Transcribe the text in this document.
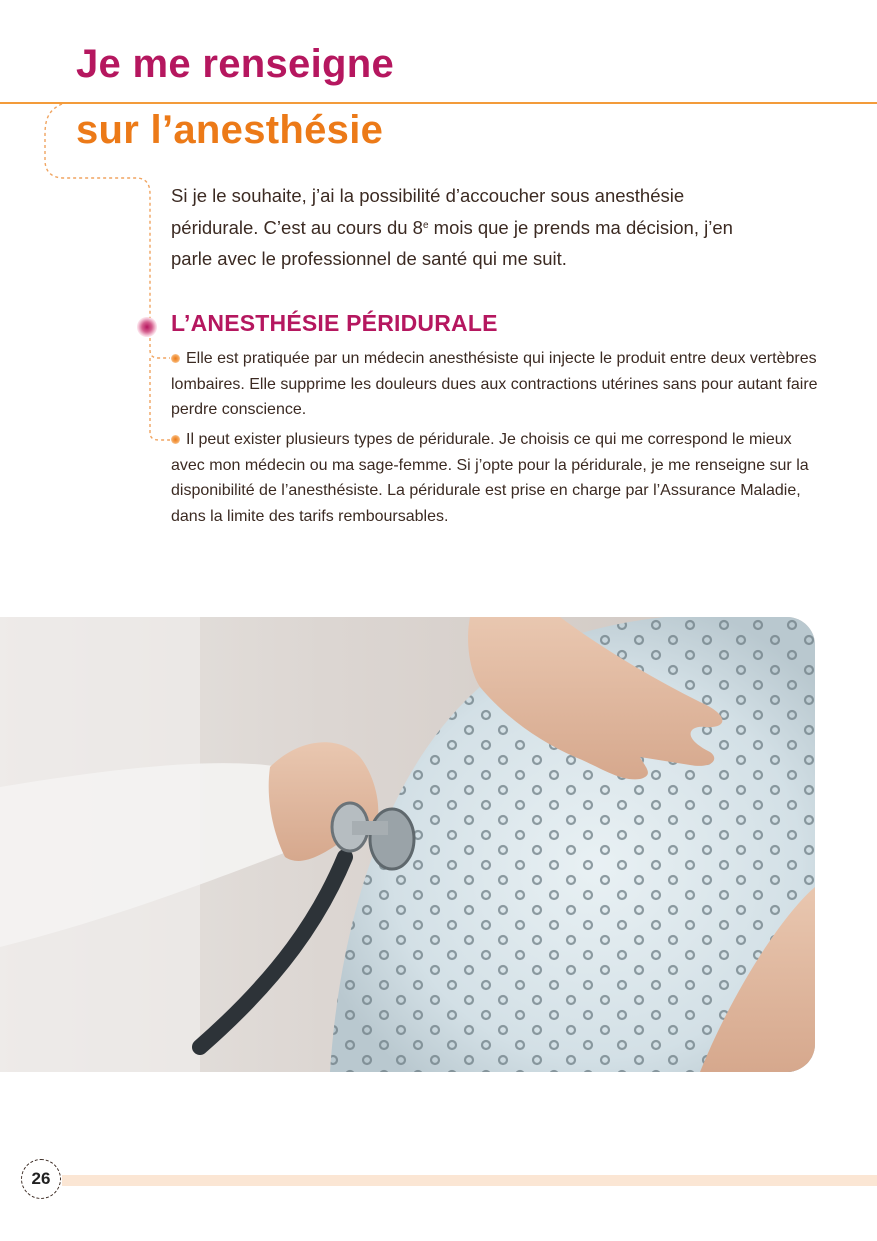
Je me renseigne
sur l’anesthésie
Si je le souhaite, j’ai la possibilité d’accoucher sous anesthésie péridurale. C’est au cours du 8e mois que je prends ma décision, j’en parle avec le professionnel de santé qui me suit.
L’ANESTHÉSIE PÉRIDURALE
Elle est pratiquée par un médecin anesthésiste qui injecte le produit entre deux vertèbres lombaires. Elle supprime les douleurs dues aux contractions utérines sans pour autant faire perdre conscience.
Il peut exister plusieurs types de péridurale. Je choisis ce qui me correspond le mieux avec mon médecin ou ma sage-femme. Si j’opte pour la péridurale, je me renseigne sur la disponibilité de l’anesthésiste. La péridurale est prise en charge par l’Assurance Maladie, dans la limite des tarifs remboursables.
26
